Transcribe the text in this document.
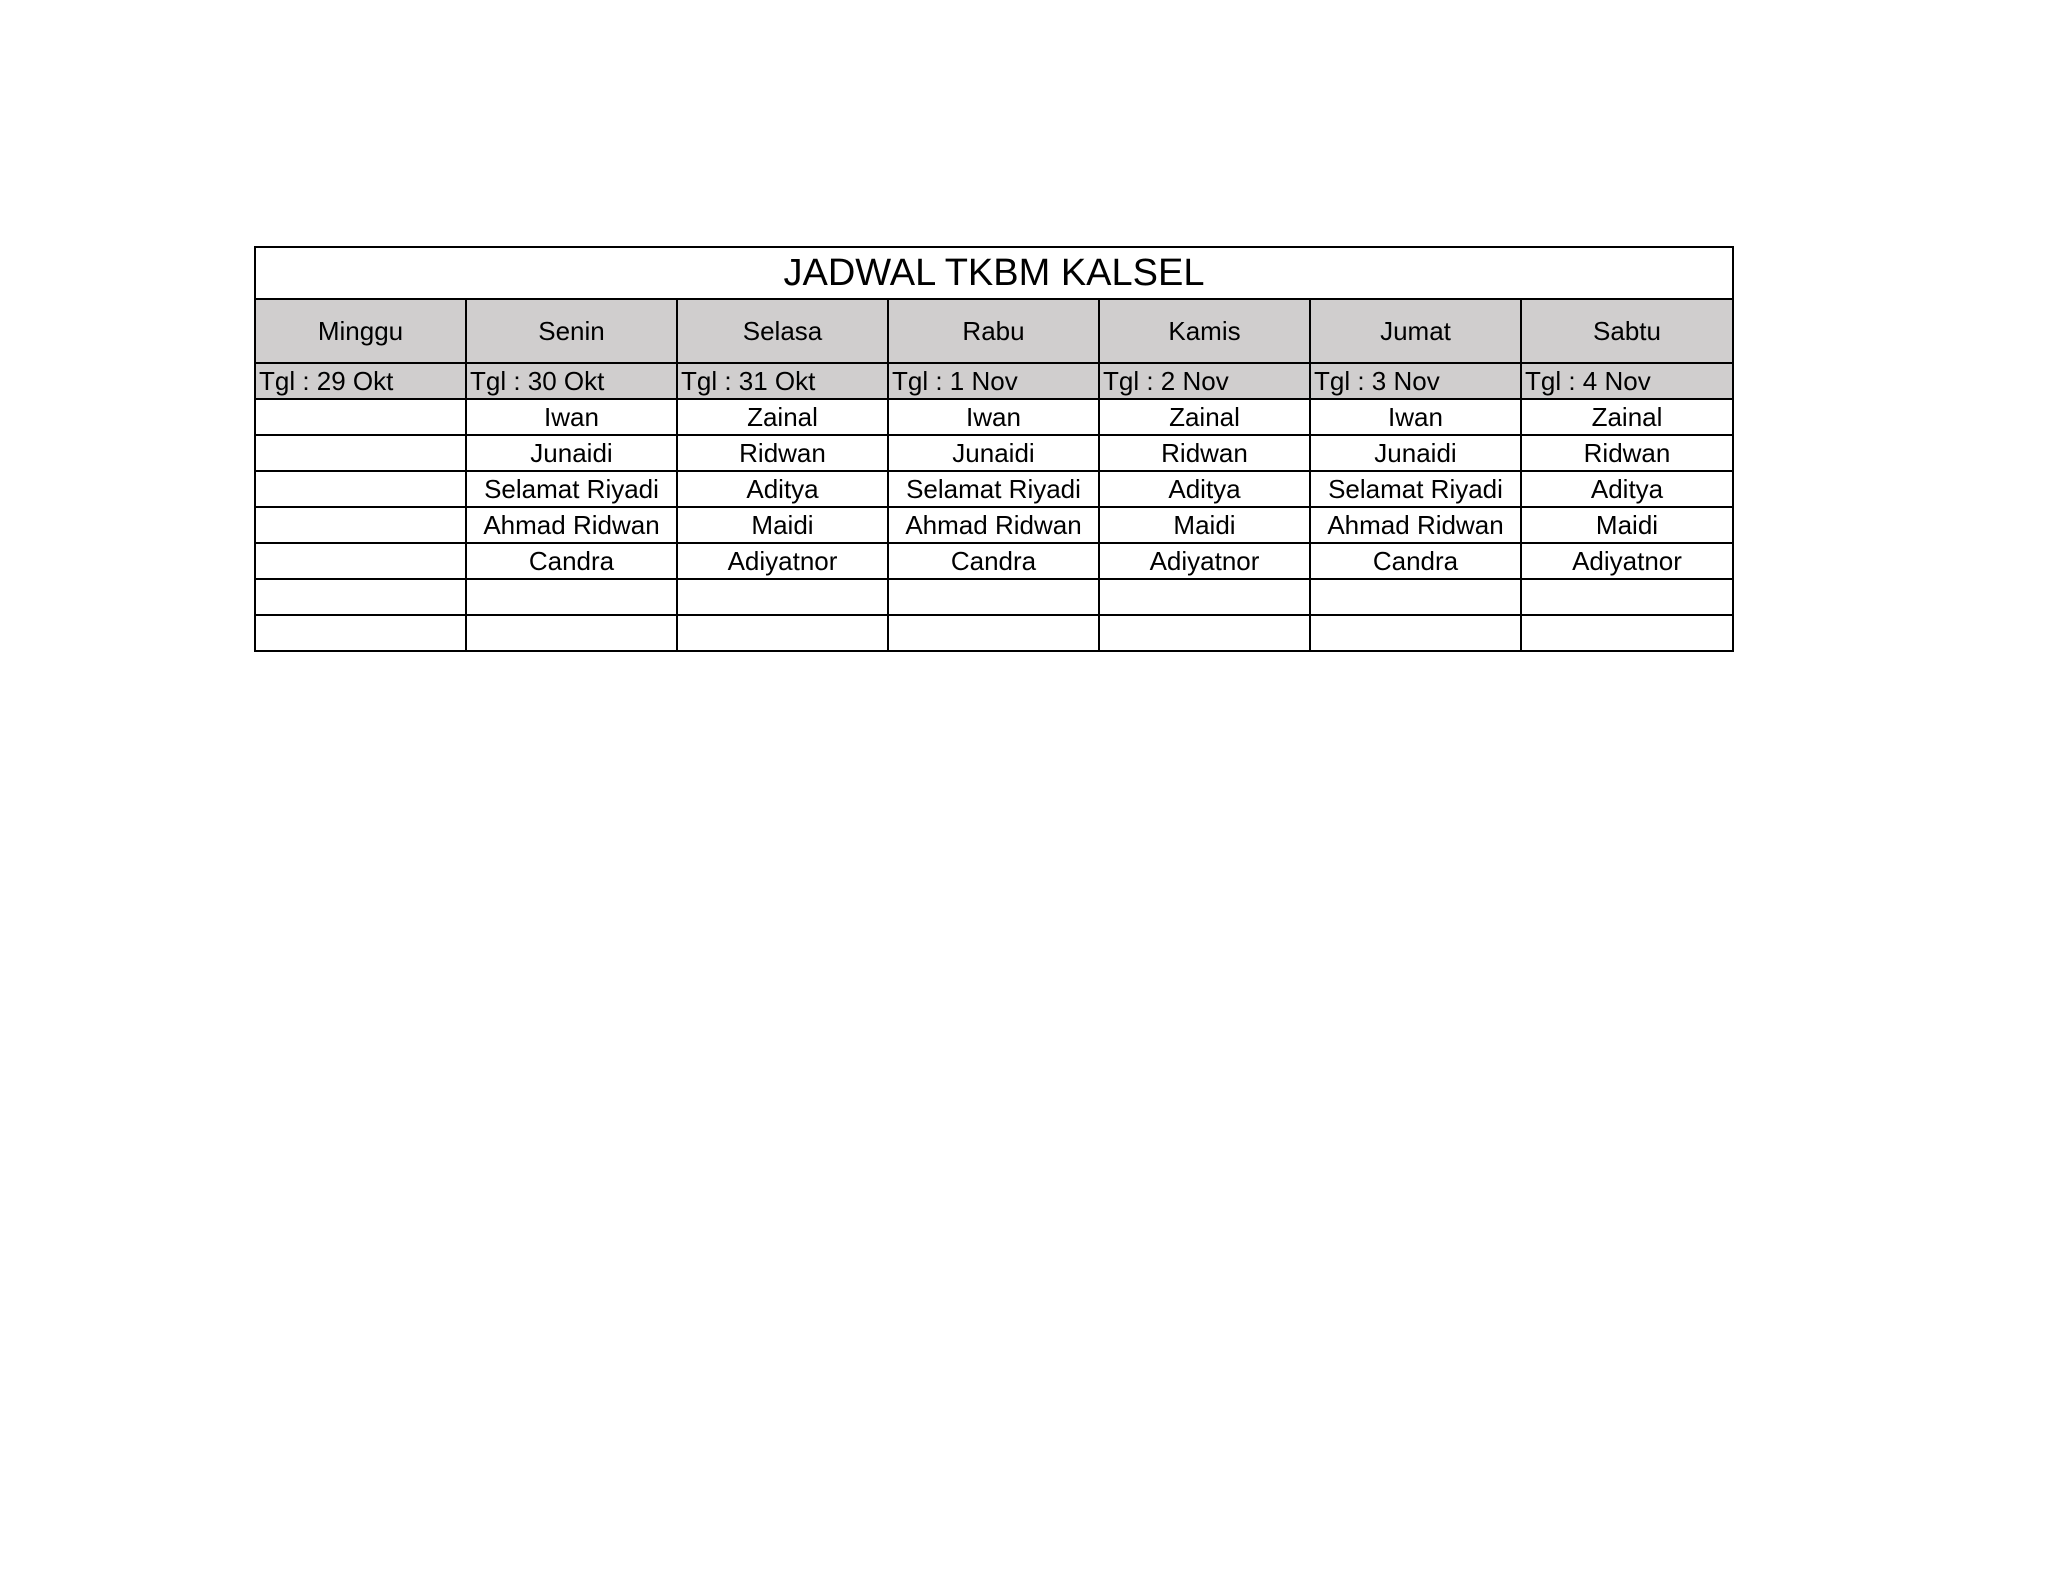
JADWAL TKBM KALSEL						
Minggu	Senin	Selasa	Rabu	Kamis	Jumat	Sabtu
Tgl : 29 Okt	Tgl : 30 Okt	Tgl : 31 Okt	Tgl : 1 Nov	Tgl : 2 Nov	Tgl : 3 Nov	Tgl : 4 Nov
	Iwan	Zainal	Iwan	Zainal	Iwan	Zainal
	Junaidi	Ridwan	Junaidi	Ridwan	Junaidi	Ridwan
	Selamat Riyadi	Aditya	Selamat Riyadi	Aditya	Selamat Riyadi	Aditya
	Ahmad Ridwan	Maidi	Ahmad Ridwan	Maidi	Ahmad Ridwan	Maidi
	Candra	Adiyatnor	Candra	Adiyatnor	Candra	Adiyatnor
